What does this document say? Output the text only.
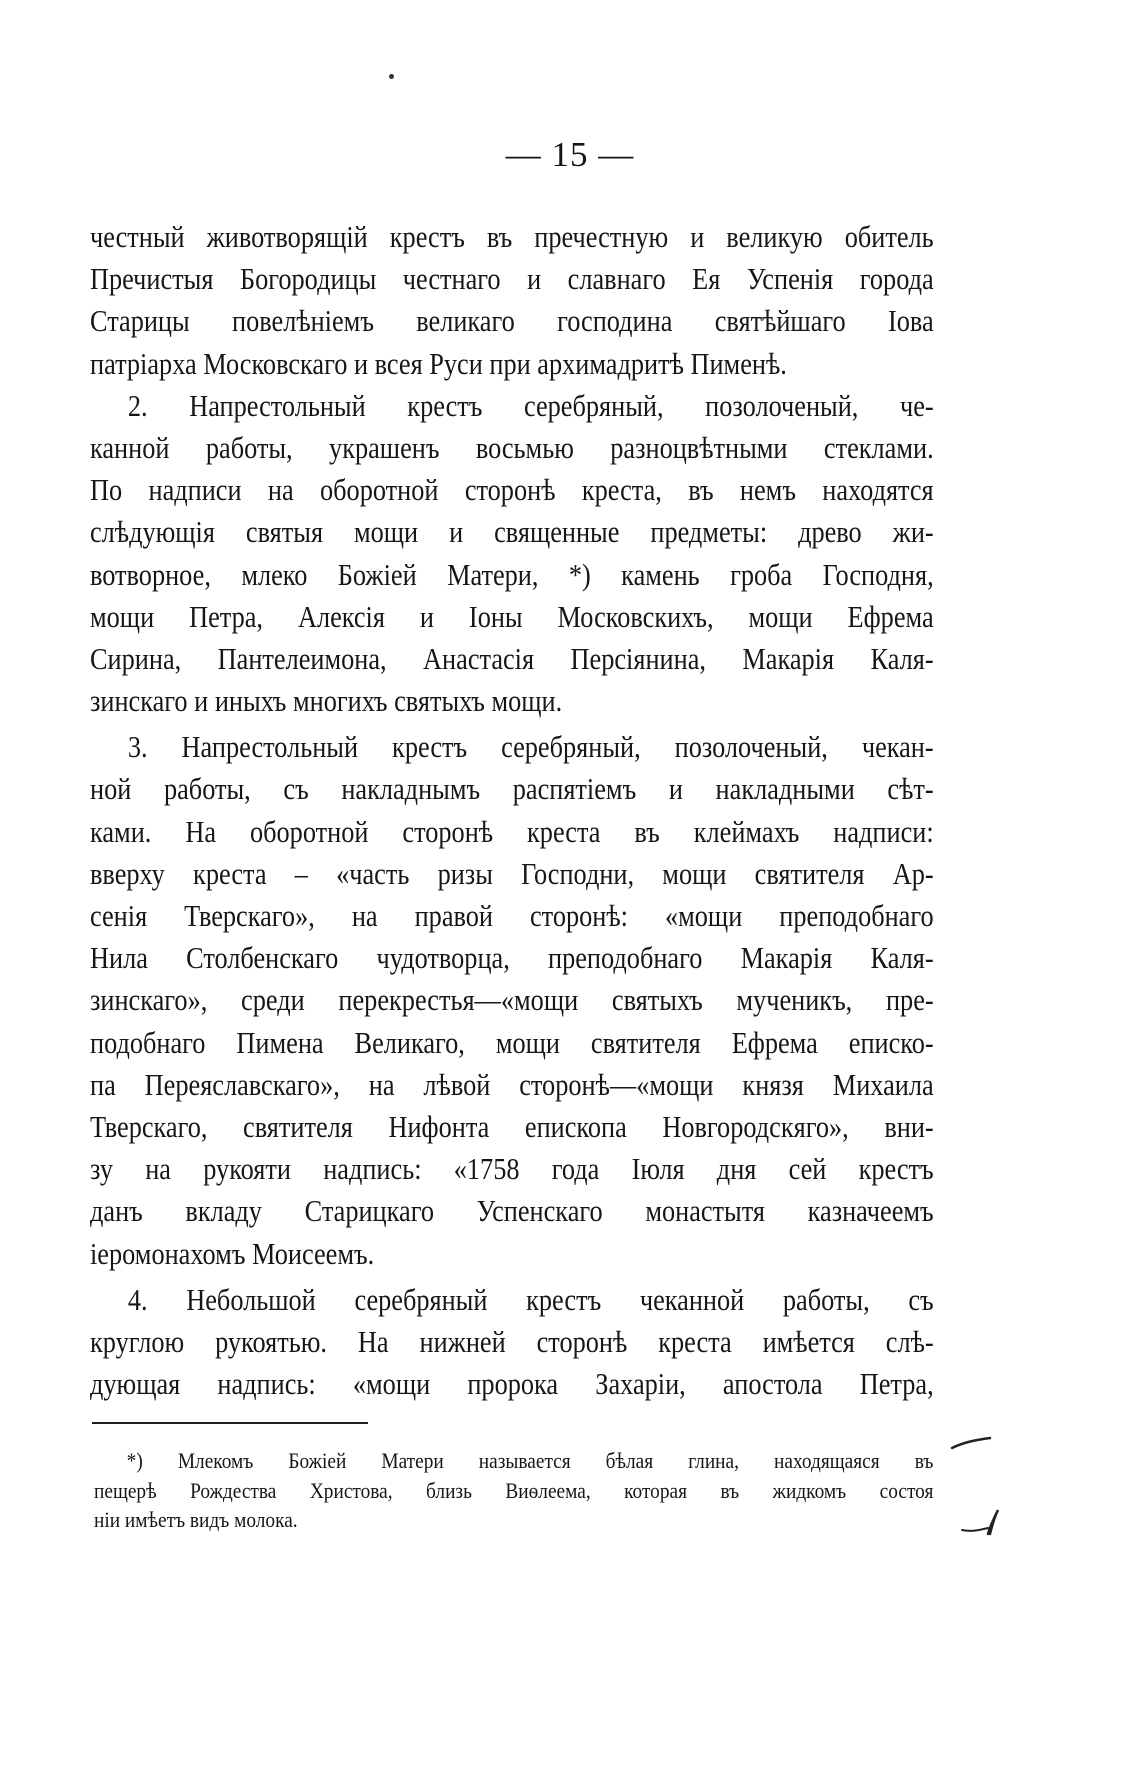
— 15 —
честный животворящій крестъ въ пречестную и великую обитель
Пречистыя Богородицы честнаго и славнаго Ея Успенія города
Старицы повелѣніемъ великаго господина святѣйшаго Іова
патріарха Московскаго и всея Руси при архимадритѣ Пименѣ.
2. Напрестольный крестъ серебряный, позолоченый, че-
канной работы, украшенъ восьмью разноцвѣтными стеклами.
По надписи на оборотной сторонѣ креста, въ немъ находятся
слѣдующія святыя мощи и священные предметы: древо жи-
вотворное, млеко Божіей Матери, *) камень гроба Господня,
мощи Петра, Алексія и Іоны Московскихъ, мощи Ефрема
Сирина, Пантелеимона, Анастасія Персіянина, Макарія Каля-
зинскаго и иныхъ многихъ святыхъ мощи.
3. Напрестольный крестъ серебряный, позолоченый, чекан-
ной работы, съ накладнымъ распятіемъ и накладными сѣт-
ками. На оборотной сторонѣ креста въ клеймахъ надписи:
вверху креста – «часть ризы Господни, мощи святителя Ар-
сенія Тверскаго», на правой сторонѣ: «мощи преподобнаго
Нила Столбенскаго чудотворца, преподобнаго Макарія Каля-
зинскаго», среди перекрестья—«мощи святыхъ мученикъ, пре-
подобнаго Пимена Великаго, мощи святителя Ефрема еписко-
па Переяславскаго», на лѣвой сторонѣ—«мощи князя Михаила
Тверскаго, святителя Нифонта епископа Новгородскяго», вни-
зу на рукояти надпись: «1758 года Іюля дня сей крестъ
данъ вкладу Старицкаго Успенскаго монастытя казначеемъ
іеромонахомъ Моисеемъ.
4. Небольшой серебряный крестъ чеканной работы, съ
круглою рукоятью. На нижней сторонѣ креста имѣется слѣ-
дующая надпись: «мощи пророка Захаріи, апостола Петра,
*) Млекомъ Божіей Матери называется бѣлая глина, находящаяся въ
пещерѣ Рождества Христова, близь Виѳлеема, которая въ жидкомъ состоя
ніи имѣетъ видъ молока.
